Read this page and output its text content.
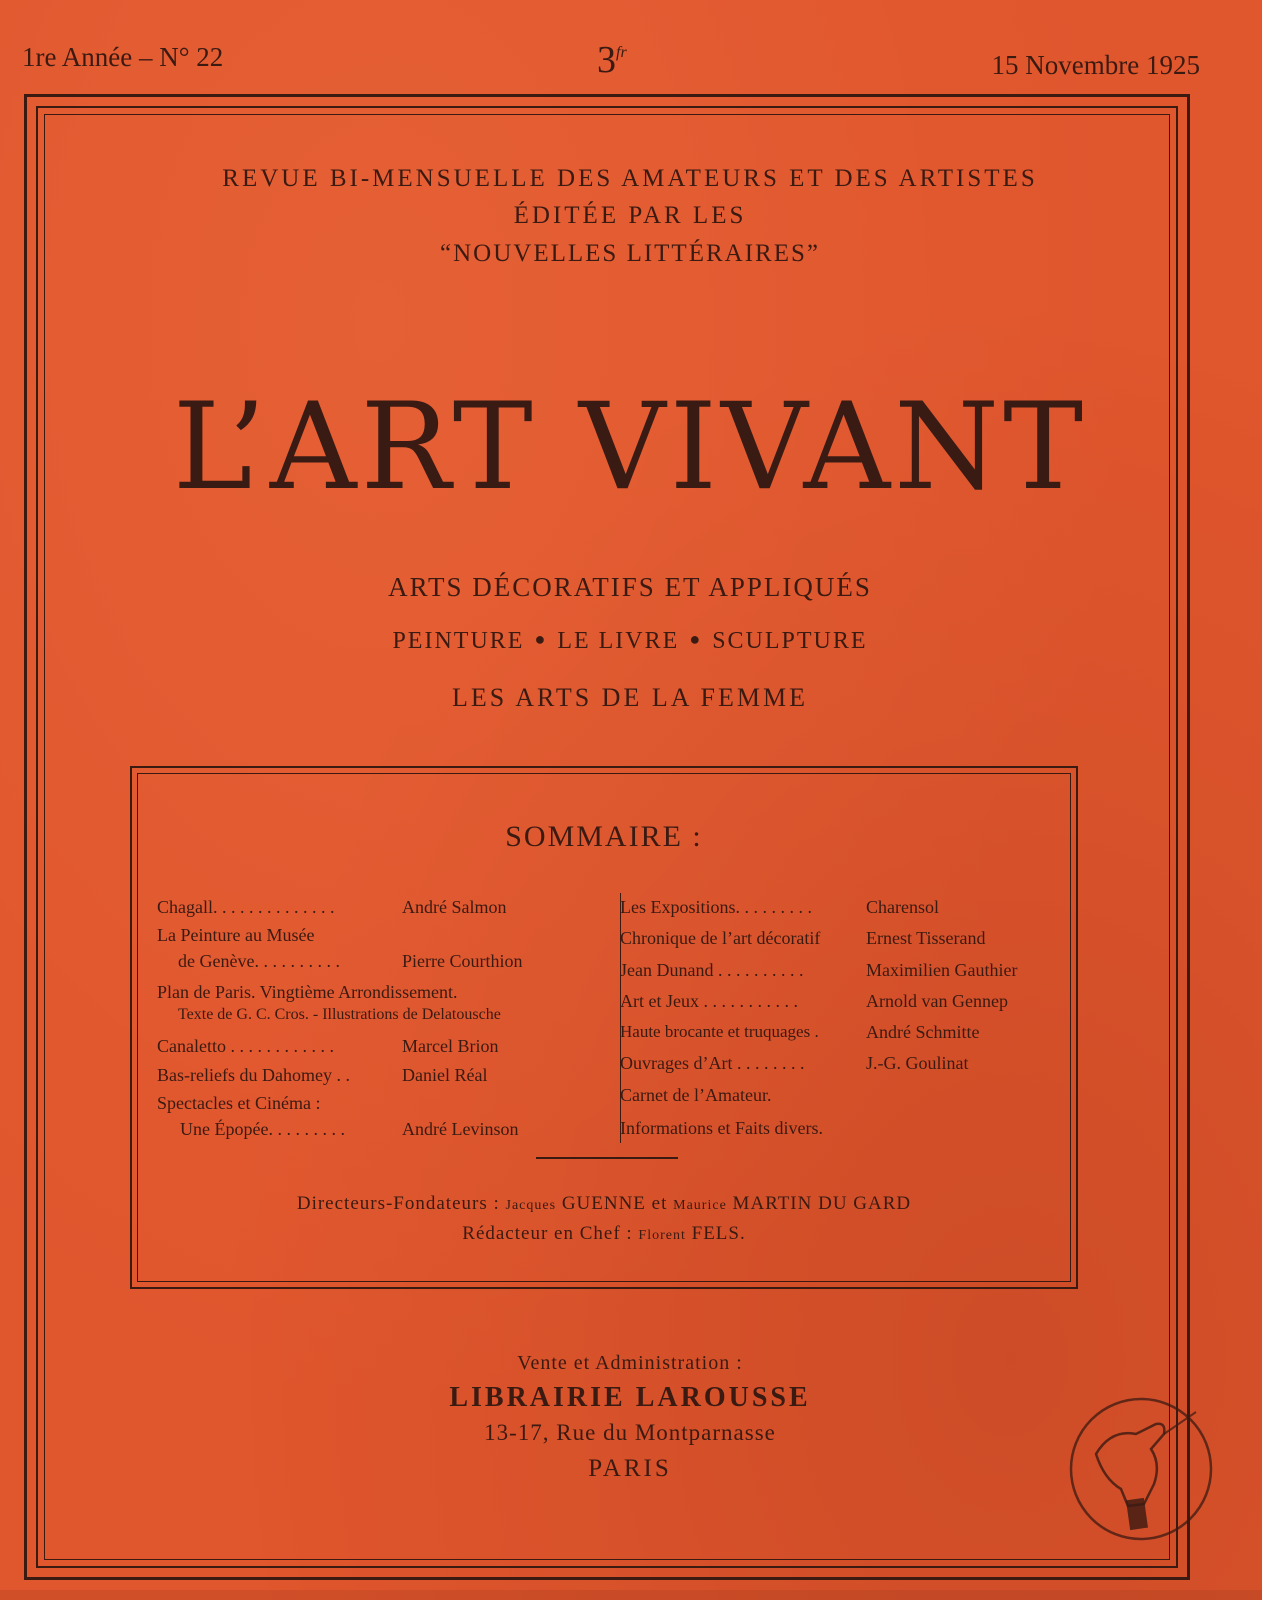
1re Année – N° 22	$3^{fr}$	15 Novembre 1925
REVUE BI-MENSUELLE DES AMATEURS ET DES ARTISTES
ÉDITÉE PAR LES
“NOUVELLES LITTÉRAIRES”
L’ART VIVANT
ARTS DÉCORATIFS ET APPLIQUÉS
PEINTURE ● LE LIVRE ● SCULPTURE
LES ARTS DE LA FEMME
SOMMAIRE :
Chagall. . . . . . . . . . . . . .	André Salmon
La Peinture au Musée
de Genève. . . . . . . . . .	Pierre Courthion
Plan de Paris. Vingtième Arrondissement.
Texte de G. C. Cros. - Illustrations de Delatousche
Canaletto . . . . . . . . . . . .	Marcel Brion
Bas-reliefs du Dahomey . .	Daniel Réal
Spectacles et Cinéma :
Une Épopée. . . . . . . . .	André Levinson
Les Expositions. . . . . . . . .	Charensol
Chronique de l’art décoratif	Ernest Tisserand
Jean Dunand . . . . . . . . . .	Maximilien Gauthier
Art et Jeux . . . . . . . . . . .	Arnold van Gennep
Haute brocante et truquages .	André Schmitte
Ouvrages d’Art . . . . . . . .	J.-G. Goulinat
Carnet de l’Amateur.
Informations et Faits divers.
Directeurs-Fondateurs : Jacques GUENNE et Maurice MARTIN DU GARD
Rédacteur en Chef : Florent FELS.
Vente et Administration :
LIBRAIRIE LAROUSSE
13-17, Rue du Montparnasse
PARIS
